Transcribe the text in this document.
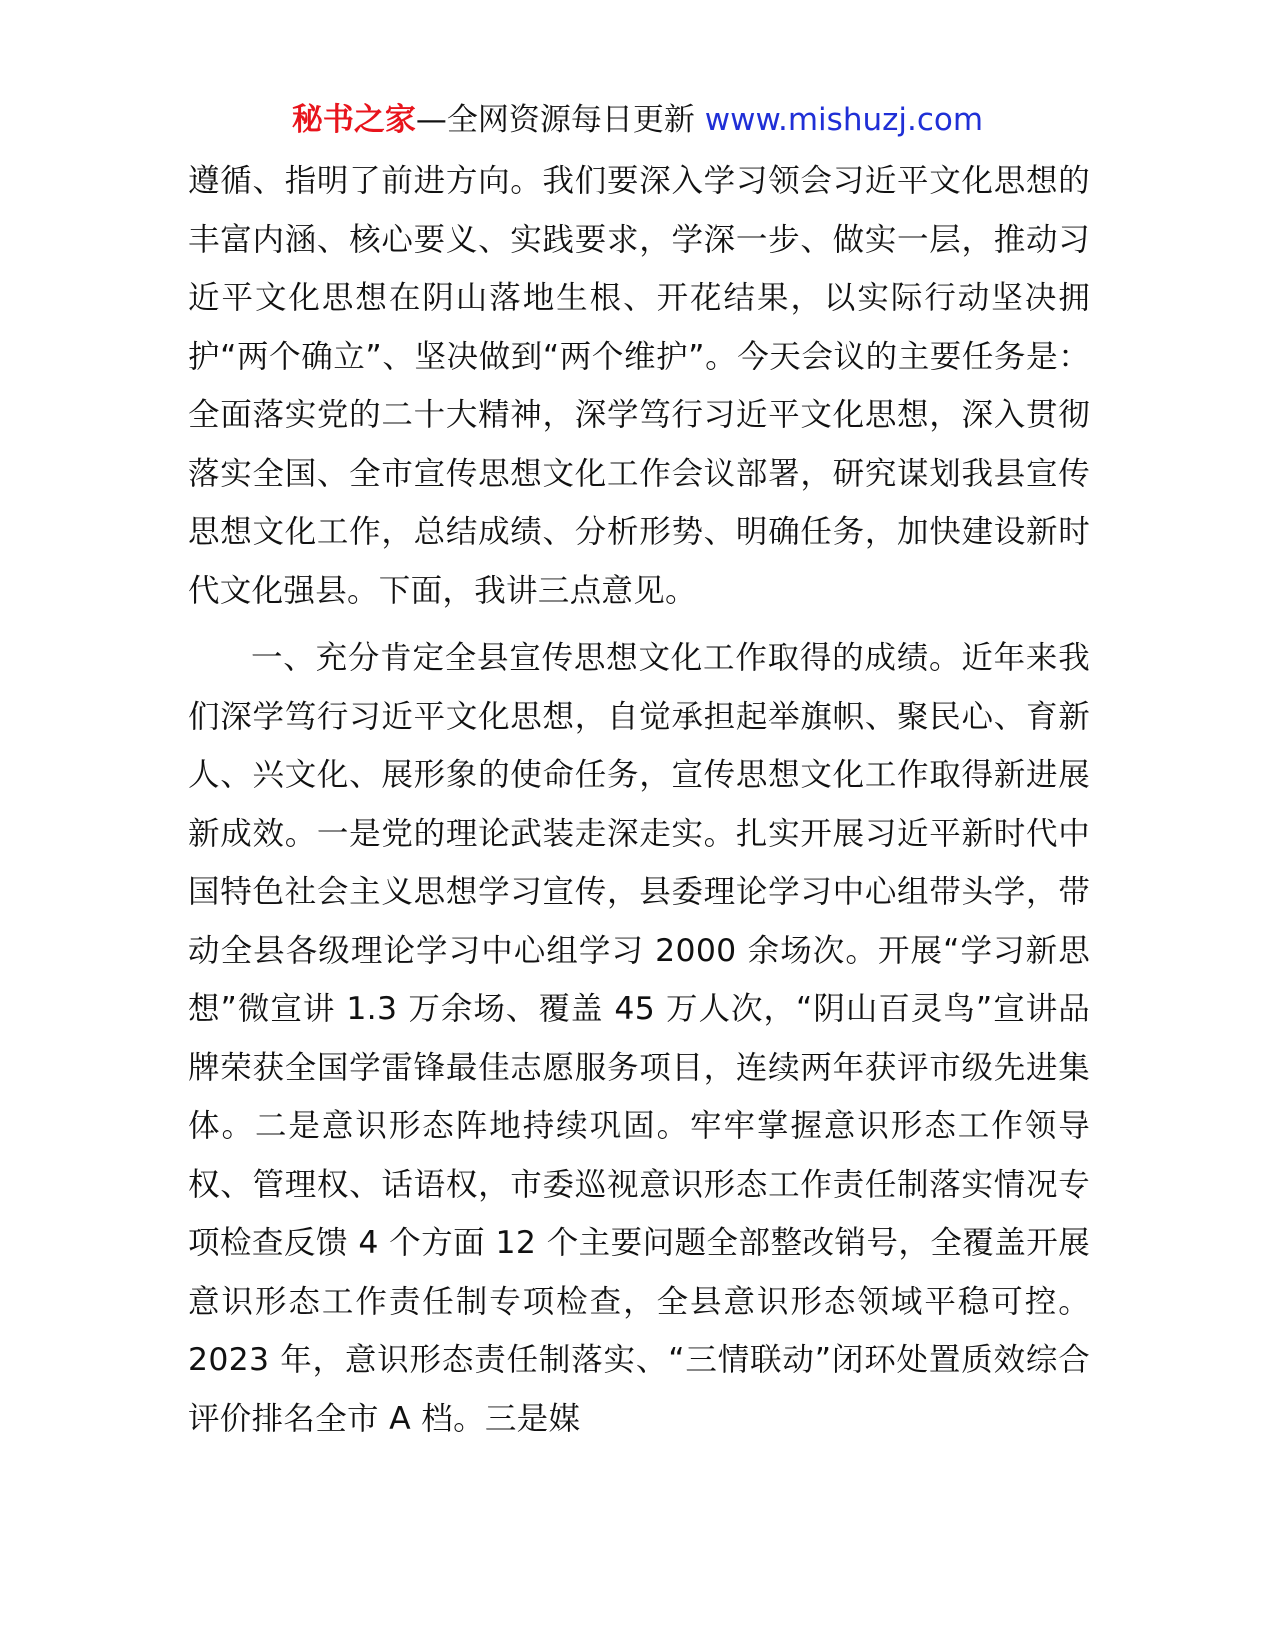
秘书之家—全网资源每日更新 www.mishuzj.com

遵循、指明了前进方向。我们要深入学习领会习近平文化思想的丰富内涵、核心要义、实践要求，学深一步、做实一层，推动习近平文化思想在阴山落地生根、开花结果，以实际行动坚决拥护“两个确立”、坚决做到“两个维护”。今天会议的主要任务是：全面落实党的二十大精神，深学笃行习近平文化思想，深入贯彻落实全国、全市宣传思想文化工作会议部署，研究谋划我县宣传思想文化工作，总结成绩、分析形势、明确任务，加快建设新时代文化强县。下面，我讲三点意见。

一、充分肯定全县宣传思想文化工作取得的成绩。近年来我们深学笃行习近平文化思想，自觉承担起举旗帜、聚民心、育新人、兴文化、展形象的使命任务，宣传思想文化工作取得新进展新成效。一是党的理论武装走深走实。扎实开展习近平新时代中国特色社会主义思想学习宣传，县委理论学习中心组带头学，带动全县各级理论学习中心组学习 2000 余场次。开展“学习新思想”微宣讲 1.3 万余场、覆盖 45 万人次，“阴山百灵鸟”宣讲品牌荣获全国学雷锋最佳志愿服务项目，连续两年获评市级先进集体。二是意识形态阵地持续巩固。牢牢掌握意识形态工作领导权、管理权、话语权，市委巡视意识形态工作责任制落实情况专项检查反馈 4 个方面 12 个主要问题全部整改销号，全覆盖开展意识形态工作责任制专项检查，全县意识形态领域平稳可控。2023 年，意识形态责任制落实、“三情联动”闭环处置质效综合评价排名全市 A 档。三是媒
